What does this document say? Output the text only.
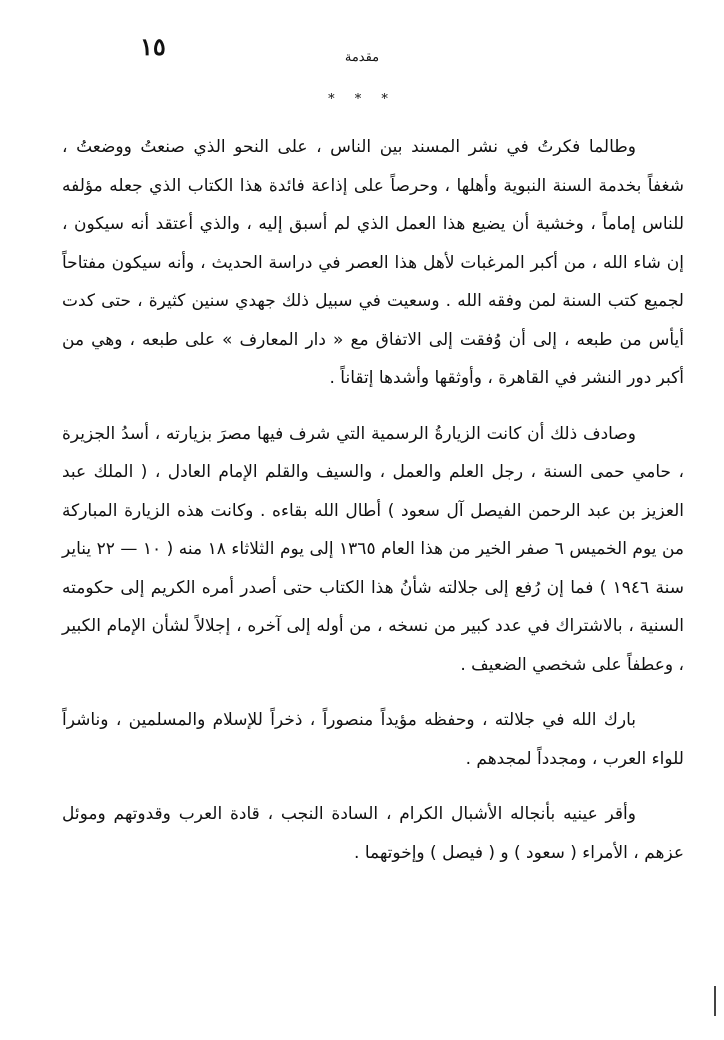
١٥	مقدمة
* * *

وطالما فكرتُ في نشر المسند بين الناس ، على النحو الذي صنعتُ ووضعتُ ، شغفاً بخدمة السنة النبوية وأهلها ، وحرصاً على إذاعة فائدة هذا الكتاب الذي جعله مؤلفه للناس إماماً ، وخشية أن يضيع هذا العمل الذي لم أسبق إليه ، والذي أعتقد أنه سيكون ، إن شاء الله ، من أكبر المرغبات لأهل هذا العصر في دراسة الحديث ، وأنه سيكون مفتاحاً لجميع كتب السنة لمن وفقه الله . وسعيت في سبيل ذلك جهدي سنين كثيرة ، حتى كدت أيأس من طبعه ، إلى أن وُفقت إلى الاتفاق مع « دار المعارف » على طبعه ، وهي من أكبر دور النشر في القاهرة ، وأوثقها وأشدها إتقاناً .

وصادف ذلك أن كانت الزيارةُ الرسمية التي شرف فيها مصرَ بزيارته ، أسدُ الجزيرة ، حامي حمى السنة ، رجل العلم والعمل ، والسيف والقلم الإمام العادل ، ( الملك عبد العزيز بن عبد الرحمن الفيصل آل سعود ) أطال الله بقاءه . وكانت هذه الزيارة المباركة من يوم الخميس ٦ صفر الخير من هذا العام ١٣٦٥ إلى يوم الثلاثاء ١٨ منه ( ١٠ — ٢٢ يناير سنة ١٩٤٦ ) فما إن رُفع إلى جلالته شأنُ هذا الكتاب حتى أصدر أمره الكريم إلى حكومته السنية ، بالاشتراك في عدد كبير من نسخه ، من أوله إلى آخره ، إجلالاً لشأن الإمام الكبير ، وعطفاً على شخصي الضعيف .

بارك الله في جلالته ، وحفظه مؤيداً منصوراً ، ذخراً للإسلام والمسلمين ، وناشراً للواء العرب ، ومجدداً لمجدهم .

وأقر عينيه بأنجاله الأشبال الكرام ، السادة النجب ، قادة العرب وقدوتهم وموئل عزهم ، الأمراء ( سعود ) و ( فيصل ) وإخوتهما .
